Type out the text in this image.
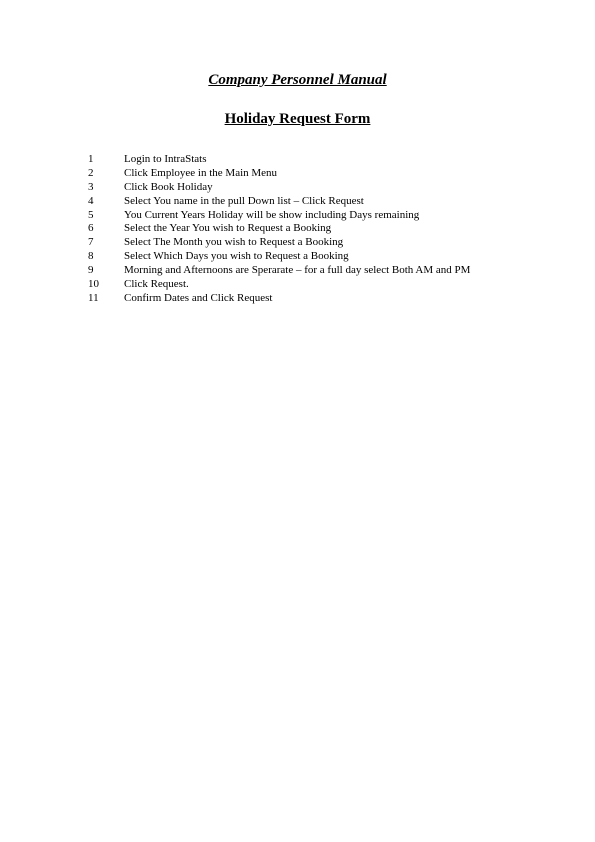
Company Personnel Manual
Holiday Request Form
1	Login to IntraStats
2	Click Employee in the Main Menu
3	Click Book Holiday
4	Select You name in the pull Down list – Click Request
5	You Current Years Holiday will be show including Days remaining
6	Select the Year You wish to Request a Booking
7	Select The Month you wish to Request a Booking
8	Select Which Days you wish to Request a Booking
9	Morning and Afternoons are Sperarate – for a full day select Both AM and PM
10 Click Request.
11 Confirm Dates and Click Request
